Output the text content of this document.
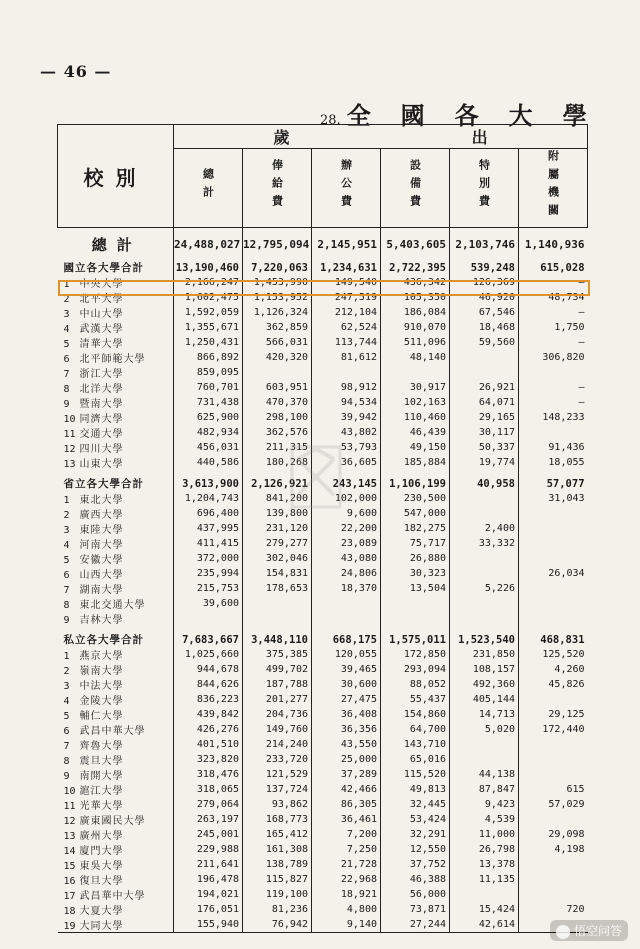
— 46 —
28. 全國各大學
校別	歲 出					
	總計	俸給費	辦公費	設備費	特別費	附屬機關
總計	24,488,027	12,795,094	2,145,951	5,403,605	2,103,746	1,140,936
國立各大學合計	13,190,460	7,220,063	1,234,631	2,722,395	539,248	615,028
1 中央大學	2,166,247	1,453,990	149,540	436,342	126,369	—
2 北平大學	1,602,475	1,153,952	247,519	105,350	46,920	48,734
3 中山大學	1,592,059	1,126,324	212,104	186,084	67,546	—
4 武漢大學	1,355,671	362,859	62,524	910,070	18,468	1,750
5 清華大學	1,250,431	566,031	113,744	511,096	59,560	—
6 北平師範大學	866,892	420,320	81,612	48,140		306,820
7 浙江大學	859,095					
8 北洋大學	760,701	603,951	98,912	30,917	26,921	—
9 暨南大學	731,438	470,370	94,534	102,163	64,071	—
10 同濟大學	625,900	298,100	39,942	110,460	29,165	148,233
11 交通大學	482,934	362,576	43,802	46,439	30,117	
12 四川大學	456,031	211,315	53,793	49,150	50,337	91,436
13 山東大學	440,586	180,268	36,605	185,884	19,774	18,055

省立各大學合計	3,613,900	2,126,921	243,145	1,106,199	40,958	57,077
1 東北大學	1,204,743	841,200	102,000	230,500		31,043
2 廣西大學	696,400	139,800	9,600	547,000		
3 東陸大學	437,995	231,120	22,200	182,275	2,400	
4 河南大學	411,415	279,277	23,089	75,717	33,332	
5 安徽大學	372,000	302,046	43,080	26,880		
6 山西大學	235,994	154,831	24,806	30,323		26,034
7 湖南大學	215,753	178,653	18,370	13,504	5,226	
8 東北交通大學	39,600					
9 吉林大學						

私立各大學合計	7,683,667	3,448,110	668,175	1,575,011	1,523,540	468,831
1 燕京大學	1,025,660	375,385	120,055	172,850	231,850	125,520
2 嶺南大學	944,678	499,702	39,465	293,094	108,157	4,260
3 中法大學	844,626	187,788	30,600	88,052	492,360	45,826
4 金陵大學	836,223	201,277	27,475	55,437	405,144	
5 輔仁大學	439,842	204,736	36,408	154,860	14,713	29,125
6 武昌中華大學	426,276	149,760	36,356	64,700	5,020	172,440
7 齊魯大學	401,510	214,240	43,550	143,710		
8 震旦大學	323,820	233,720	25,000	65,016		
9 南開大學	318,476	121,529	37,289	115,520	44,138	
10 滬江大學	318,065	137,724	42,466	49,813	87,847	615
11 光華大學	279,064	93,862	86,305	32,445	9,423	57,029
12 廣東國民大學	263,197	168,773	36,461	53,424	4,539	
13 廣州大學	245,001	165,412	7,200	32,291	11,000	29,098
14 廈門大學	229,988	161,308	7,250	12,550	26,798	4,198
15 東吳大學	211,641	138,789	21,728	37,752	13,378	
16 復旦大學	196,478	115,827	22,968	46,388	11,135	
17 武昌華中大學	194,021	119,100	18,921	56,000		
18 大夏大學	176,051	81,236	4,800	73,871	15,424	720
19 大同大學	155,940	76,942	9,140	27,244	42,614		悟空问答
